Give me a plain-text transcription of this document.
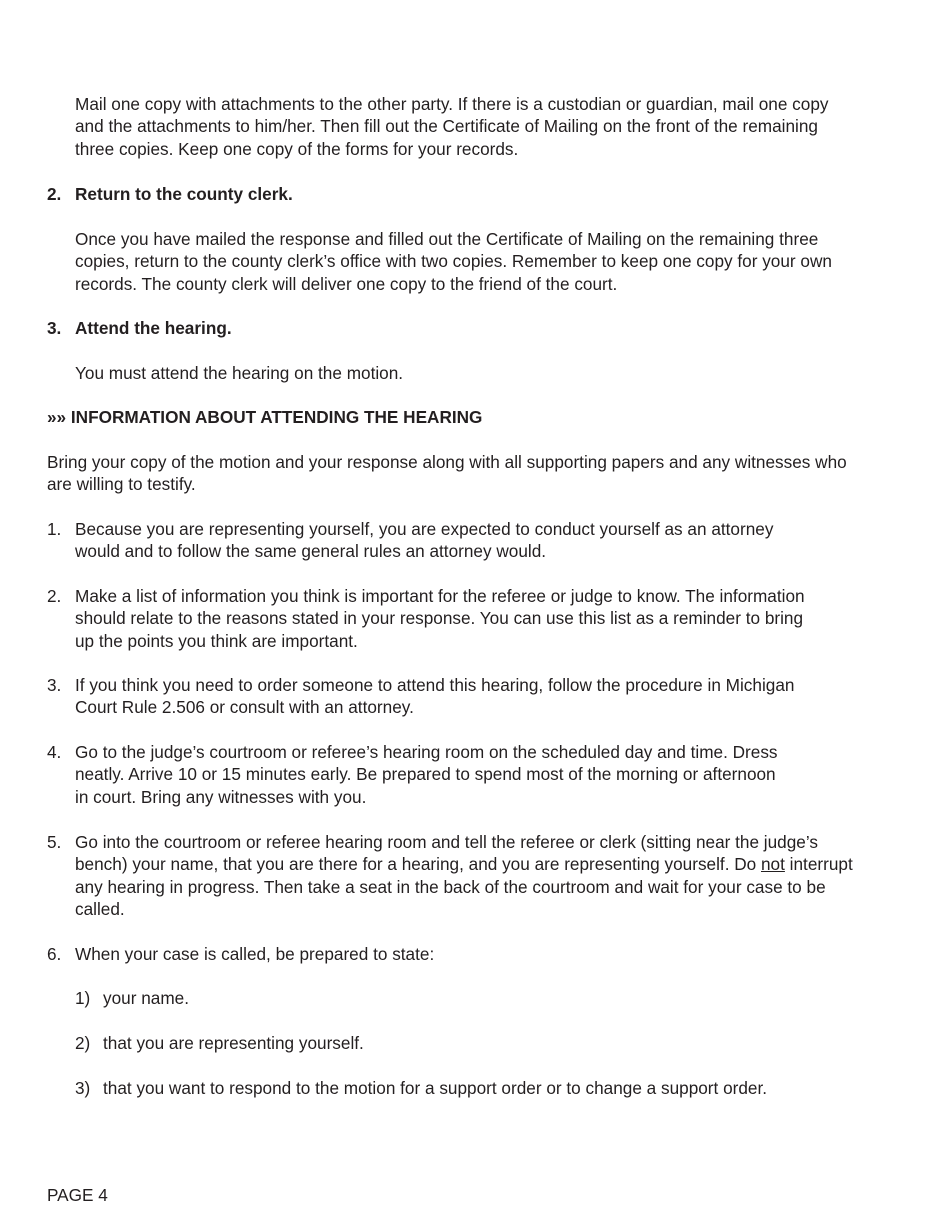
Mail one copy with attachments to the other party. If there is a custodian or guardian, mail one copy
and the attachments to him/her. Then fill out the Certificate of Mailing on the front of the remaining
three copies. Keep one copy of the forms for your records.
2. Return to the county clerk.
Once you have mailed the response and filled out the Certificate of Mailing on the remaining three
copies, return to the county clerk’s office with two copies. Remember to keep one copy for your own
records. The county clerk will deliver one copy to the friend of the court.
3. Attend the hearing.
You must attend the hearing on the motion.
»» INFORMATION ABOUT ATTENDING THE HEARING
Bring your copy of the motion and your response along with all supporting papers and any witnesses who
are willing to testify.
1. Because you are representing yourself, you are expected to conduct yourself as an attorney
would and to follow the same general rules an attorney would.
2. Make a list of information you think is important for the referee or judge to know. The information
should relate to the reasons stated in your response. You can use this list as a reminder to bring
up the points you think are important.
3. If you think you need to order someone to attend this hearing, follow the procedure in Michigan
Court Rule 2.506 or consult with an attorney.
4. Go to the judge’s courtroom or referee’s hearing room on the scheduled day and time. Dress
neatly. Arrive 10 or 15 minutes early. Be prepared to spend most of the morning or afternoon
in court. Bring any witnesses with you.
5. Go into the courtroom or referee hearing room and tell the referee or clerk (sitting near the judge’s
bench) your name, that you are there for a hearing, and you are representing yourself. Do not interrupt
any hearing in progress. Then take a seat in the back of the courtroom and wait for your case to be
called.
6. When your case is called, be prepared to state:
1) your name.
2) that you are representing yourself.
3) that you want to respond to the motion for a support order or to change a support order.
PAGE 4
